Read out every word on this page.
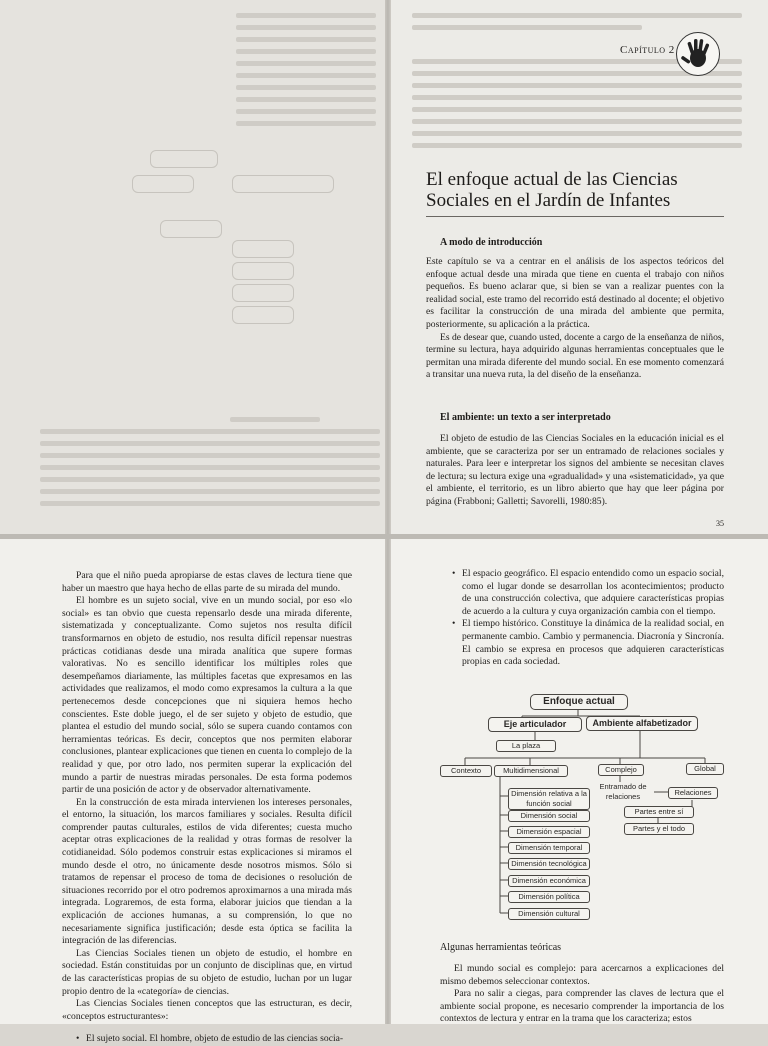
Capítulo 2
El enfoque actual de las Ciencias Sociales en el Jardín de Infantes
A modo de introducción

Este capítulo se va a centrar en el análisis de los aspectos teóricos del enfoque actual desde una mirada que tiene en cuenta el trabajo con niños pequeños. Es bueno aclarar que, si bien se van a realizar puentes con la realidad social, este tramo del recorrido está destinado al docente; el objetivo es facilitar la construcción de una mirada del ambiente que permita, posteriormente, su aplicación a la práctica.

Es de desear que, cuando usted, docente a cargo de la enseñanza de niños, termine su lectura, haya adquirido algunas herramientas conceptuales que le permitan una mirada diferente del mundo social. En ese momento comenzará a transitar una nueva ruta, la del diseño de la enseñanza.

El ambiente: un texto a ser interpretado

El objeto de estudio de las Ciencias Sociales en la educación inicial es el ambiente, que se caracteriza por ser un entramado de relaciones sociales y naturales. Para leer e interpretar los signos del ambiente se necesitan claves de lectura; su lectura exige una «gradualidad» y una «sistematicidad», ya que el ambiente, el territorio, es un libro abierto que hay que leer página por página (Frabboni; Galletti; Savorelli, 1980:85).

35

Para que el niño pueda apropiarse de estas claves de lectura tiene que haber un maestro que haya hecho de ellas parte de su mirada del mundo.

El hombre es un sujeto social, vive en un mundo social, por eso «lo social» es tan obvio que cuesta repensarlo desde una mirada diferente, sistematizada y conceptualizante. Como sujetos nos resulta difícil transformarnos en objeto de estudio, nos resulta difícil repensar nuestras prácticas cotidianas desde una mirada analítica que supere formas valorativas. No es sencillo identificar los múltiples roles que desempeñamos diariamente, las múltiples facetas que expresamos en las actividades que realizamos, el modo como expresamos la cultura a la que pertenecemos desde concepciones que ni siquiera hemos hecho conscientes. Este doble juego, el de ser sujeto y objeto de estudio, que plantea el estudio del mundo social, sólo se supera cuando contamos con herramientas teóricas. Es decir, conceptos que nos permiten elaborar conclusiones, plantear explicaciones que tienen en cuenta lo complejo de la realidad y que, por otro lado, nos permiten superar la explicación del mundo a partir de nuestras miradas personales. De esta forma podemos partir de una posición de actor y de observador alternativamente.

En la construcción de esta mirada intervienen los intereses personales, el entorno, la situación, los marcos familiares y sociales. Resulta difícil comprender pautas culturales, estilos de vida diferentes; cuesta mucho aceptar otras explicaciones de la realidad y otras formas de resolver la cotidianeidad. Sólo podemos construir estas explicaciones si miramos el mundo desde el otro, no únicamente desde nosotros mismos. Sólo si tratamos de repensar el proceso de toma de decisiones o resolución de situaciones recorrido por el otro podremos aproximarnos a una mirada más integrada. Lograremos, de esta forma, elaborar juicios que tiendan a la explicación de acciones humanas, a su comprensión, lo que no necesariamente significa justificación; desde esta óptica se facilita la integración de las diferencias.

Las Ciencias Sociales tienen un objeto de estudio, el hombre en sociedad. Están constituidas por un conjunto de disciplinas que, en virtud de las características propias de su objeto de estudio, luchan por un lugar propio dentro de la «categoría» de ciencias.

Las Ciencias Sociales tienen conceptos que las estructuran, es decir, «conceptos estructurantes»:

• El sujeto social. El hombre, objeto de estudio de las ciencias socia-

• El espacio geográfico. El espacio entendido como un espacio social, como el lugar donde se desarrollan los acontecimientos; producto de una construcción colectiva, que adquiere características propias de acuerdo a la cultura y cuya organización cambia con el tiempo.

• El tiempo histórico. Constituye la dinámica de la realidad social, en permanente cambio. Cambio y permanencia. Diacronía y Sincronía. El cambio se expresa en procesos que adquieren características propias en cada sociedad.

Enfoque actual
Eje articulador	Ambiente alfabetizador
La plaza
Contexto	Multidimensional	Complejo	Global
Dimensión relativa a la función social
Dimensión social
Dimensión espacial
Dimensión temporal
Dimensión tecnológica
Dimensión económica
Dimensión política
Dimensión cultural
Entramado de relaciones	Relaciones
Partes entre sí
Partes y el todo
Algunas herramientas teóricas

El mundo social es complejo: para acercarnos a explicaciones del mismo debemos seleccionar contextos.

Para no salir a ciegas, para comprender las claves de lectura que el ambiente social propone, es necesario comprender la importancia de los contextos de lectura y entrar en la trama que los caracteriza; estos
